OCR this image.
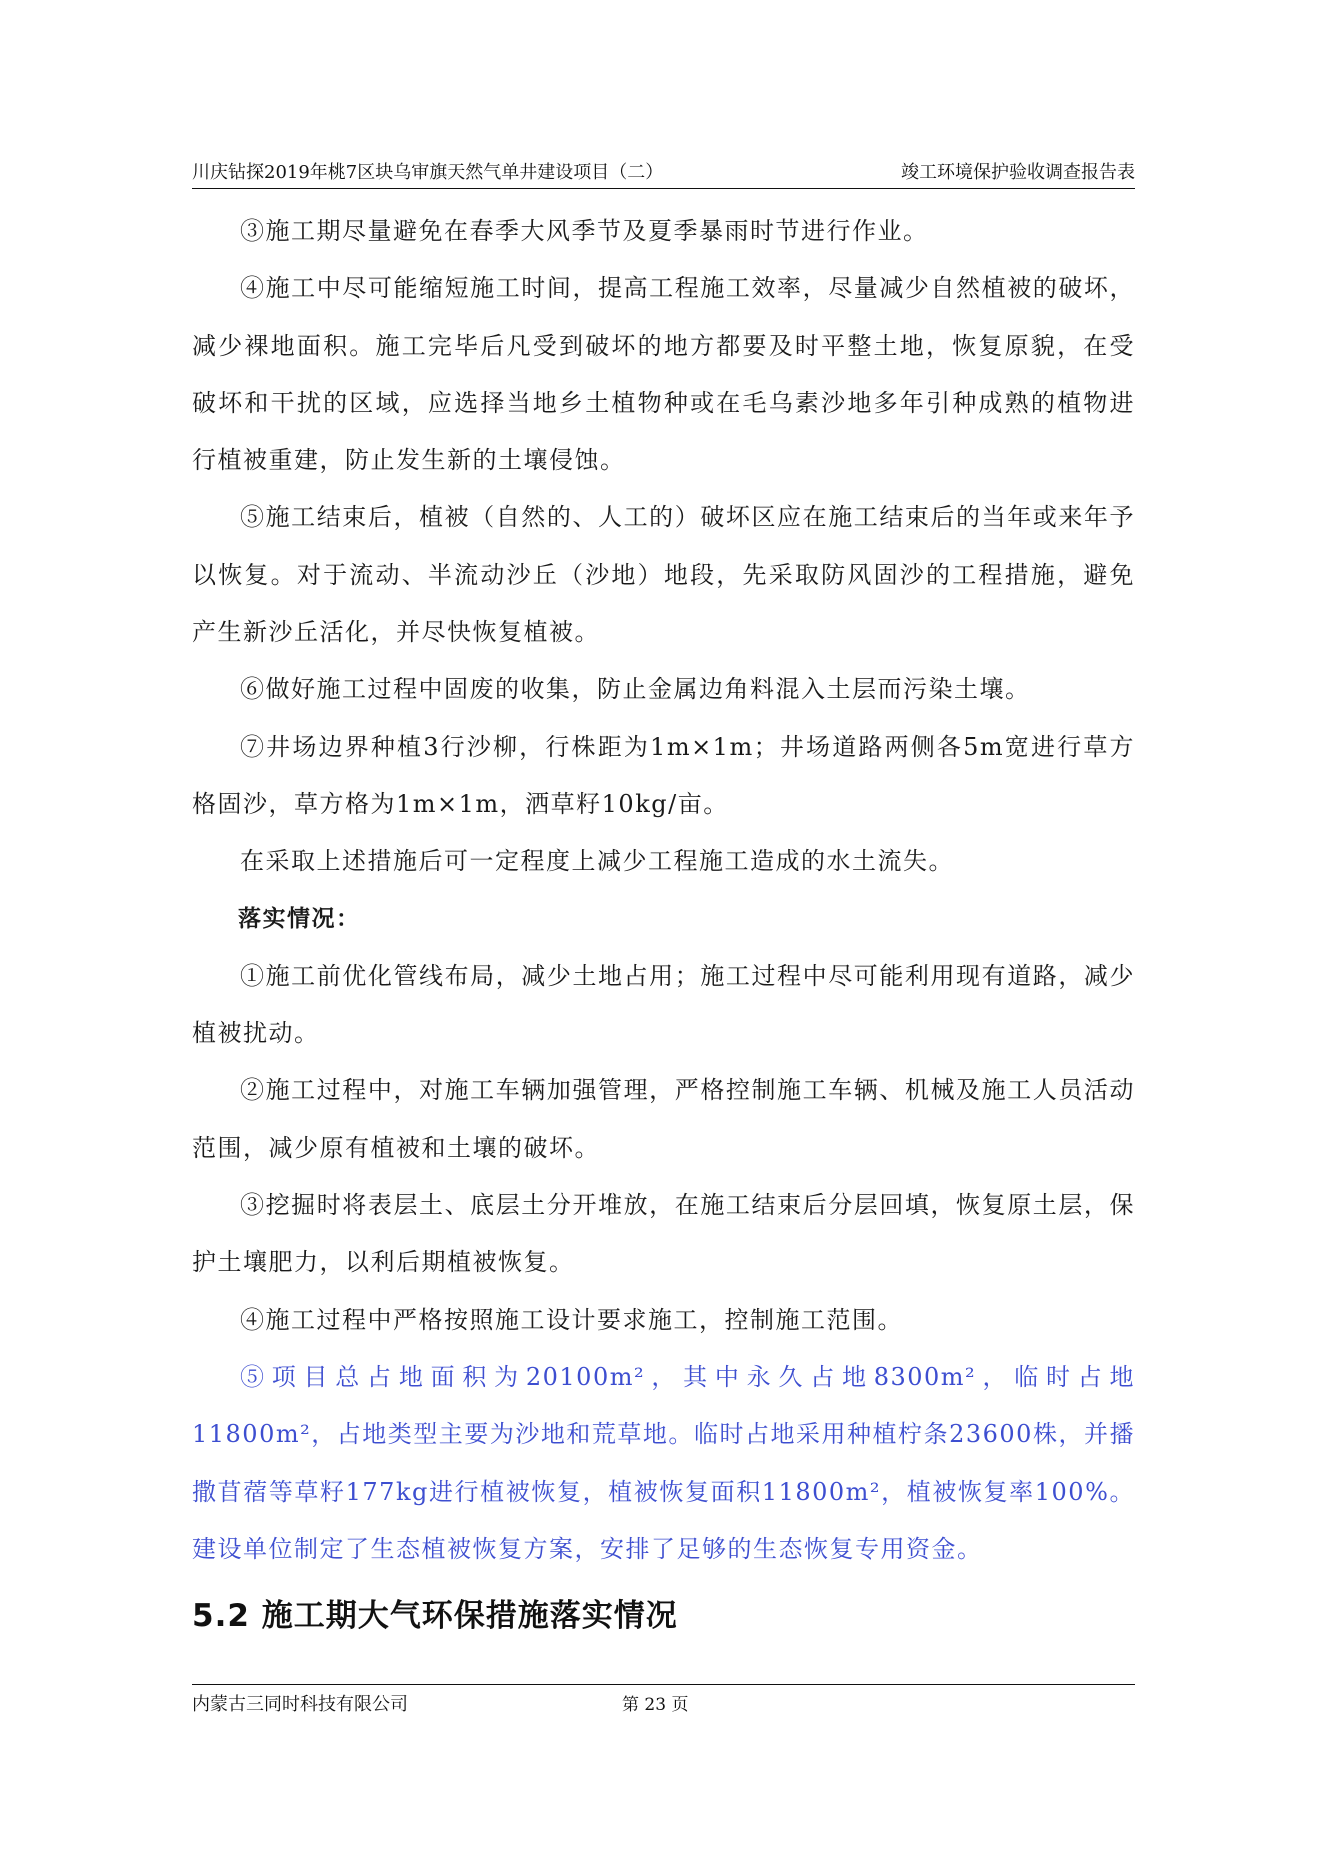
川庆钻探2019年桃7区块乌审旗天然气单井建设项目（二）	竣工环境保护验收调查报告表

③施工期尽量避免在春季大风季节及夏季暴雨时节进行作业。

④施工中尽可能缩短施工时间，提高工程施工效率，尽量减少自然植被的破坏，减少裸地面积。施工完毕后凡受到破坏的地方都要及时平整土地，恢复原貌，在受破坏和干扰的区域，应选择当地乡土植物种或在毛乌素沙地多年引种成熟的植物进行植被重建，防止发生新的土壤侵蚀。

⑤施工结束后，植被（自然的、人工的）破坏区应在施工结束后的当年或来年予以恢复。对于流动、半流动沙丘（沙地）地段，先采取防风固沙的工程措施，避免产生新沙丘活化，并尽快恢复植被。

⑥做好施工过程中固废的收集，防止金属边角料混入土层而污染土壤。

⑦井场边界种植3行沙柳，行株距为1m×1m；井场道路两侧各5m宽进行草方格固沙，草方格为1m×1m，洒草籽10kg/亩。

在采取上述措施后可一定程度上减少工程施工造成的水土流失。

落实情况：

①施工前优化管线布局，减少土地占用；施工过程中尽可能利用现有道路，减少植被扰动。

②施工过程中，对施工车辆加强管理，严格控制施工车辆、机械及施工人员活动范围，减少原有植被和土壤的破坏。

③挖掘时将表层土、底层土分开堆放，在施工结束后分层回填，恢复原土层，保护土壤肥力，以利后期植被恢复。

④施工过程中严格按照施工设计要求施工，控制施工范围。

⑤项目总占地面积为20100m²，其中永久占地8300m²，临时占地11800m²，占地类型主要为沙地和荒草地。临时占地采用种植柠条23600株，并播撒苜蓿等草籽177kg进行植被恢复，植被恢复面积11800m²，植被恢复率100%。建设单位制定了生态植被恢复方案，安排了足够的生态恢复专用资金。

5.2 施工期大气环保措施落实情况
内蒙古三同时科技有限公司	第 23 页
